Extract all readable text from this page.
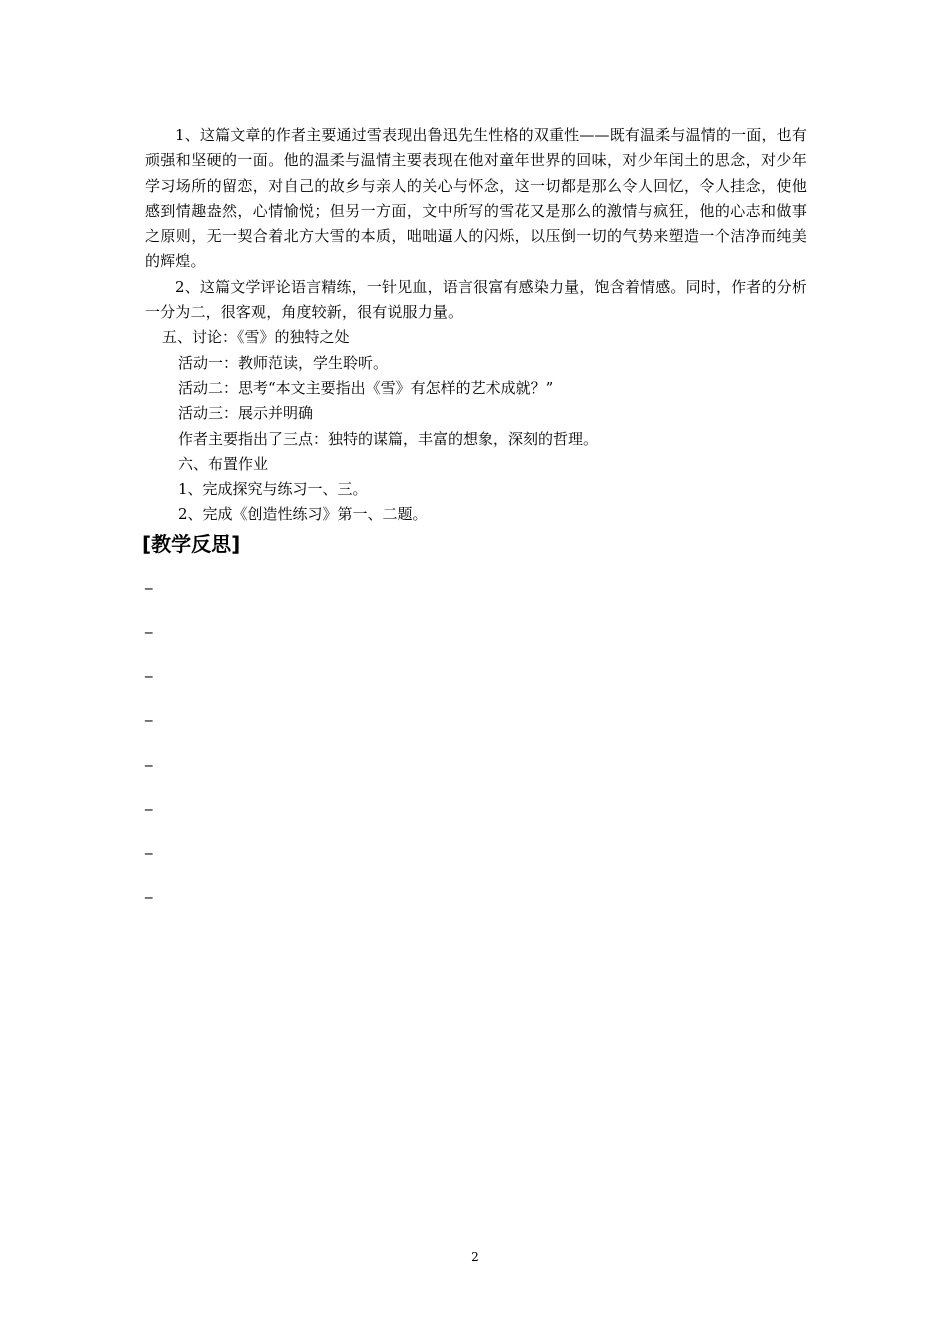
1、这篇文章的作者主要通过雪表现出鲁迅先生性格的双重性——既有温柔与温情的一面，也有顽强和坚硬的一面。他的温柔与温情主要表现在他对童年世界的回味，对少年闰土的思念，对少年学习场所的留恋，对自己的故乡与亲人的关心与怀念，这一切都是那么令人回忆，令人挂念，使他感到情趣盎然，心情愉悦；但另一方面，文中所写的雪花又是那么的激情与疯狂，他的心志和做事之原则，无一契合着北方大雪的本质，咄咄逼人的闪烁，以压倒一切的气势来塑造一个洁净而纯美的辉煌。

2、这篇文学评论语言精练，一针见血，语言很富有感染力量，饱含着情感。同时，作者的分析一分为二，很客观，角度较新，很有说服力量。

五、讨论：《雪》的独特之处

活动一：教师范读，学生聆听。

活动二：思考“本文主要指出《雪》有怎样的艺术成就？”

活动三：展示并明确

作者主要指出了三点：独特的谋篇，丰富的想象，深刻的哲理。

六、布置作业

1、完成探究与练习一、三。

2、完成《创造性练习》第一、二题。

[教学反思]
_
_
_
_
_
_
_
_
2
